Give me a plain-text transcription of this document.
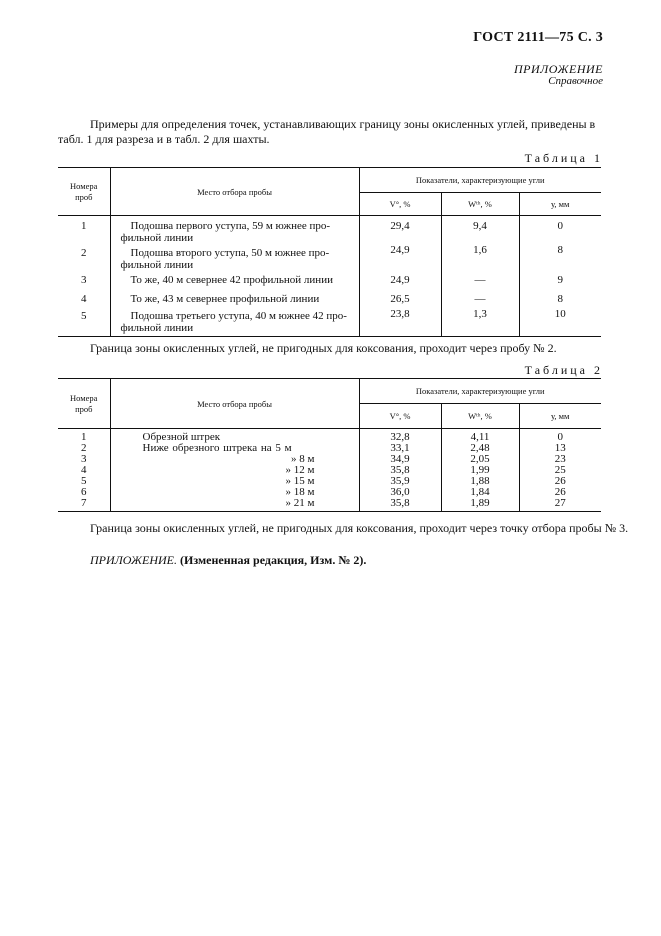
ГОСТ 2111—75 С. 3
ПРИЛОЖЕНИЕ
Справочное
Примеры для определения точек, устанавливающих границу зоны окисленных углей, приведены в табл. 1 для разреза и в табл. 2 для шахты.
Таблица 1
Номера проб	Место отбора пробы	Показатели, характеризующие угли		
		V°, %	Wᵗʰ, %	у, мм

1	Подошва первого уступа, 59 м южнее про-
фильной линии	29,4	9,4	0
2	Подошва второго уступа, 50 м южнее про-
фильной линии	24,9	1,6	8
3	То же, 40 м севернее 42 профильной линии	24,9	—	9
4	То же, 43 м севернее профильной линии	26,5	—	8
5	Подошва третьего уступа, 40 м южнее 42 про-
фильной линии	23,8	1,3	10
Граница зоны окисленных углей, не пригодных для коксования, проходит через пробу № 2.
Таблица 2
Номера проб	Место отбора пробы	Показатели, характеризующие угли		
		V°, %	Wᵗʰ, %	у, мм

1	Обрезной штрек	32,8	4,11	0
2	Ниже обрезного штрека на 5 м	33,1	2,48	13
3	» 8 м	34,9	2,05	23
4	» 12 м	35,8	1,99	25
5	» 15 м	35,9	1,88	26
6	» 18 м	36,0	1,84	26
7	» 21 м	35,8	1,89	27
Граница зоны окисленных углей, не пригодных для коксования, проходит через точку отбора пробы № 3.
ПРИЛОЖЕНИЕ. (Измененная редакция, Изм. № 2).
